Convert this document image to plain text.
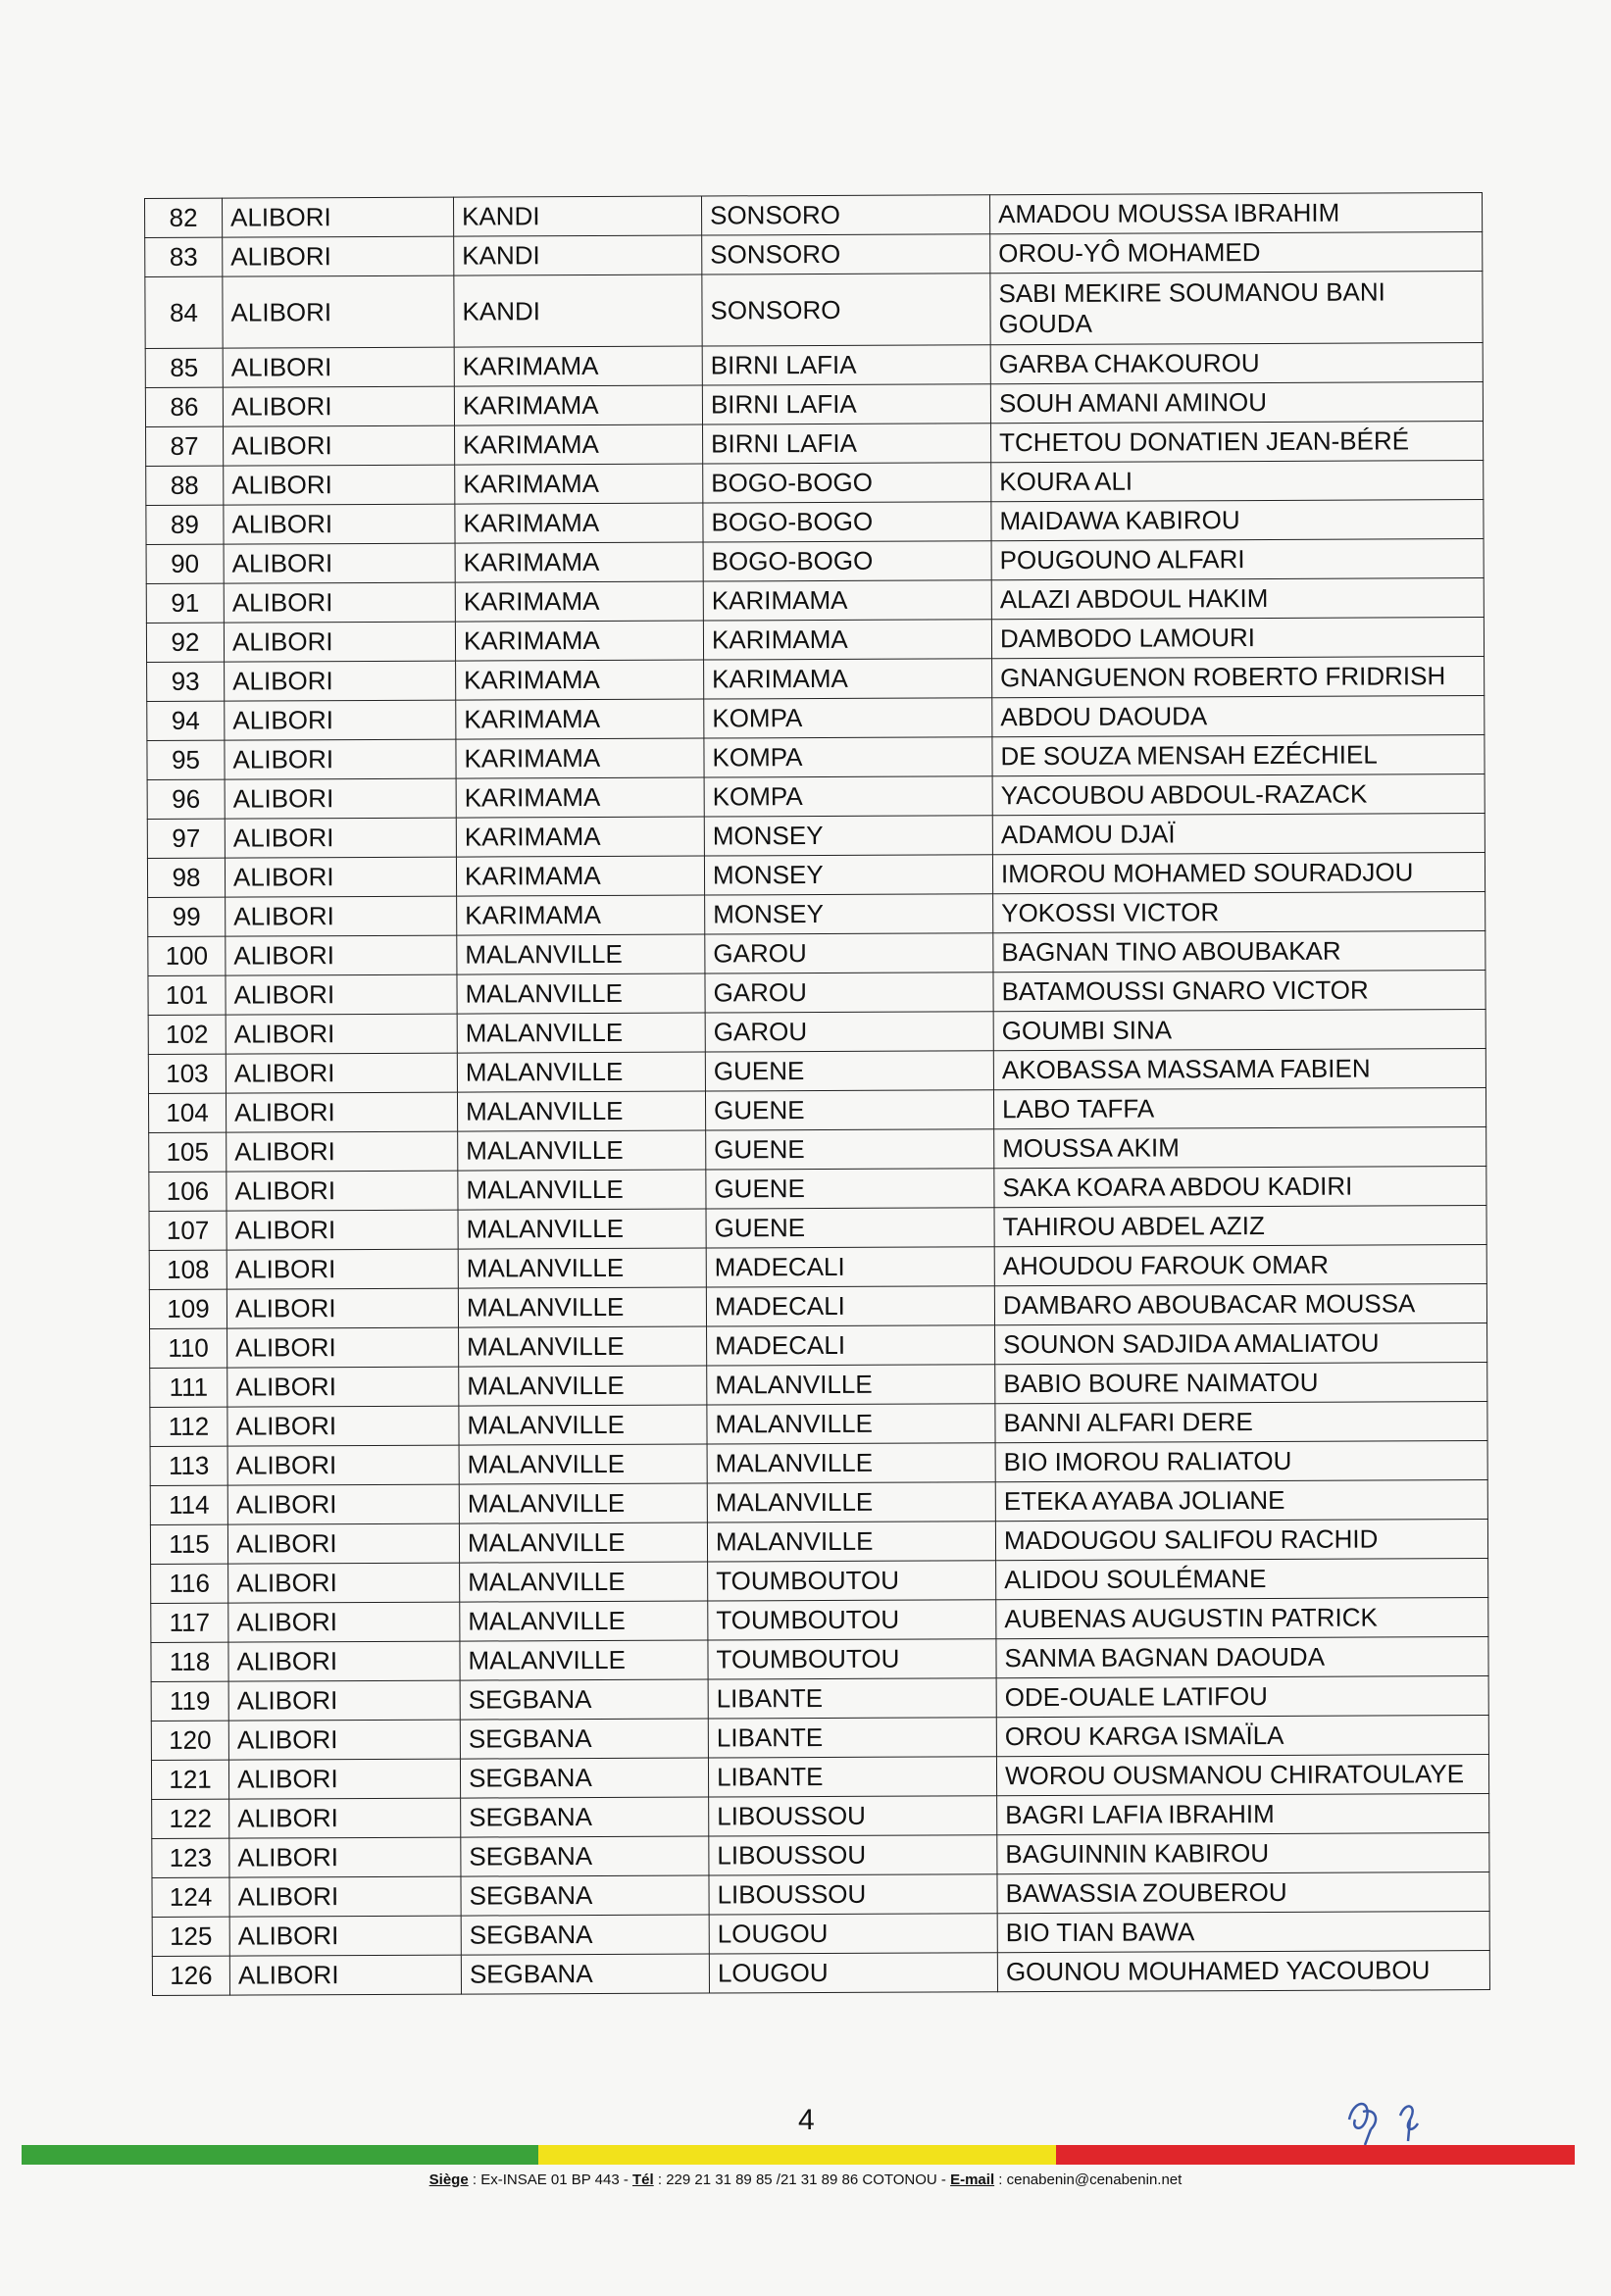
82	ALIBORI	KANDI	SONSORO	AMADOU MOUSSA IBRAHIM
83	ALIBORI	KANDI	SONSORO	OROU-YÔ MOHAMED
84	ALIBORI	KANDI	SONSORO	SABI MEKIRE SOUMANOU BANI GOUDA
85	ALIBORI	KARIMAMA	BIRNI LAFIA	GARBA CHAKOUROU
86	ALIBORI	KARIMAMA	BIRNI LAFIA	SOUH AMANI AMINOU
87	ALIBORI	KARIMAMA	BIRNI LAFIA	TCHETOU DONATIEN JEAN-BÉRÉ
88	ALIBORI	KARIMAMA	BOGO-BOGO	KOURA ALI
89	ALIBORI	KARIMAMA	BOGO-BOGO	MAIDAWA KABIROU
90	ALIBORI	KARIMAMA	BOGO-BOGO	POUGOUNO ALFARI
91	ALIBORI	KARIMAMA	KARIMAMA	ALAZI ABDOUL HAKIM
92	ALIBORI	KARIMAMA	KARIMAMA	DAMBODO LAMOURI
93	ALIBORI	KARIMAMA	KARIMAMA	GNANGUENON ROBERTO FRIDRISH
94	ALIBORI	KARIMAMA	KOMPA	ABDOU DAOUDA
95	ALIBORI	KARIMAMA	KOMPA	DE SOUZA MENSAH EZÉCHIEL
96	ALIBORI	KARIMAMA	KOMPA	YACOUBOU ABDOUL-RAZACK
97	ALIBORI	KARIMAMA	MONSEY	ADAMOU DJAÏ
98	ALIBORI	KARIMAMA	MONSEY	IMOROU MOHAMED SOURADJOU
99	ALIBORI	KARIMAMA	MONSEY	YOKOSSI VICTOR
100	ALIBORI	MALANVILLE	GAROU	BAGNAN TINO ABOUBAKAR
101	ALIBORI	MALANVILLE	GAROU	BATAMOUSSI GNARO VICTOR
102	ALIBORI	MALANVILLE	GAROU	GOUMBI SINA
103	ALIBORI	MALANVILLE	GUENE	AKOBASSA MASSAMA FABIEN
104	ALIBORI	MALANVILLE	GUENE	LABO TAFFA
105	ALIBORI	MALANVILLE	GUENE	MOUSSA AKIM
106	ALIBORI	MALANVILLE	GUENE	SAKA KOARA ABDOU KADIRI
107	ALIBORI	MALANVILLE	GUENE	TAHIROU ABDEL AZIZ
108	ALIBORI	MALANVILLE	MADECALI	AHOUDOU FAROUK OMAR
109	ALIBORI	MALANVILLE	MADECALI	DAMBARO ABOUBACAR MOUSSA
110	ALIBORI	MALANVILLE	MADECALI	SOUNON SADJIDA AMALIATOU
111	ALIBORI	MALANVILLE	MALANVILLE	BABIO BOURE NAIMATOU
112	ALIBORI	MALANVILLE	MALANVILLE	BANNI ALFARI DERE
113	ALIBORI	MALANVILLE	MALANVILLE	BIO IMOROU RALIATOU
114	ALIBORI	MALANVILLE	MALANVILLE	ETEKA AYABA JOLIANE
115	ALIBORI	MALANVILLE	MALANVILLE	MADOUGOU SALIFOU RACHID
116	ALIBORI	MALANVILLE	TOUMBOUTOU	ALIDOU SOULÉMANE
117	ALIBORI	MALANVILLE	TOUMBOUTOU	AUBENAS AUGUSTIN PATRICK
118	ALIBORI	MALANVILLE	TOUMBOUTOU	SANMA BAGNAN DAOUDA
119	ALIBORI	SEGBANA	LIBANTE	ODE-OUALE LATIFOU
120	ALIBORI	SEGBANA	LIBANTE	OROU KARGA ISMAÏLA
121	ALIBORI	SEGBANA	LIBANTE	WOROU OUSMANOU CHIRATOULAYE
122	ALIBORI	SEGBANA	LIBOUSSOU	BAGRI LAFIA IBRAHIM
123	ALIBORI	SEGBANA	LIBOUSSOU	BAGUINNIN KABIROU
124	ALIBORI	SEGBANA	LIBOUSSOU	BAWASSIA ZOUBEROU
125	ALIBORI	SEGBANA	LOUGOU	BIO TIAN BAWA
126	ALIBORI	SEGBANA	LOUGOU	GOUNOU MOUHAMED YACOUBOU
4
Siège : Ex-INSAE 01 BP 443 - Tél : 229 21 31 89 85 /21 31 89 86 COTONOU - E-mail : cenabenin@cenabenin.net
